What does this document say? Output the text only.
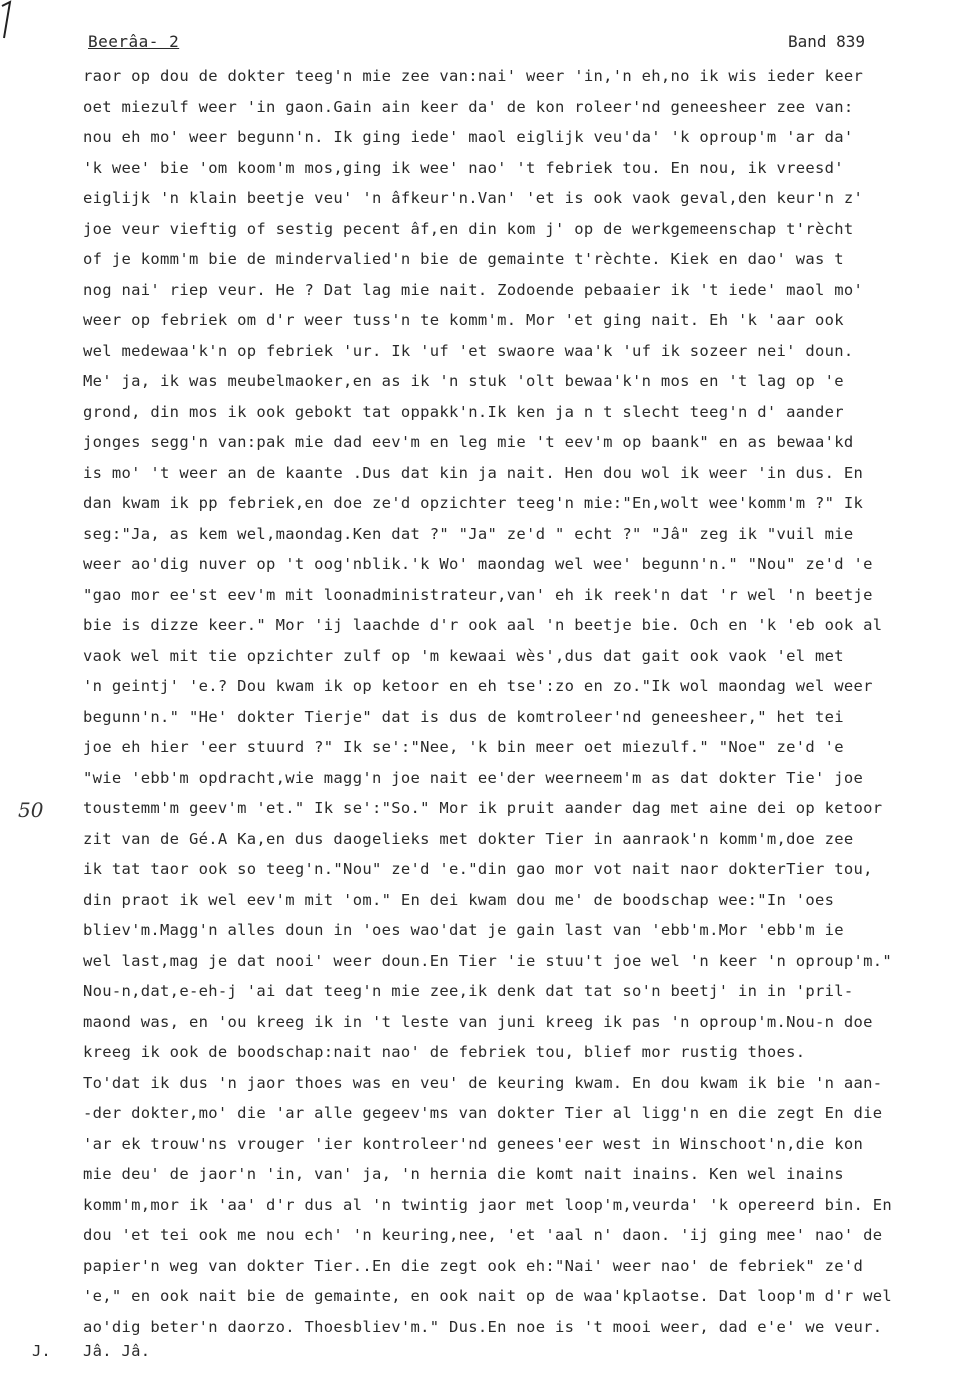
Beerâa- 2	Band 839
raor op dou de dokter teeg'n mie zee van:nai' weer 'in,'n eh,no ik wis ieder keer
oet miezulf weer 'in gaon.Gain ain keer da' de kon roleer'nd geneesheer zee van:
nou eh mo' weer begunn'n. Ik ging iede' maol eiglijk veu'da' 'k oproup'm 'ar da'
'k wee' bie 'om koom'm mos,ging ik wee' nao' 't febriek tou. En nou, ik vreesd'
eiglijk 'n klain beetje veu' 'n âfkeur'n.Van' 'et is ook vaok geval,den keur'n z'
joe veur vieftig of sestig pecent âf,en din kom j' op de werkgemeenschap t'rècht
of je komm'm bie de mindervalied'n bie de gemainte t'rèchte. Kiek en dao' was t
nog nai' riep veur. He ? Dat lag mie nait. Zodoende pebaaier ik 't iede' maol mo'
weer op febriek om d'r weer tuss'n te komm'm. Mor 'et ging nait. Eh 'k 'aar ook
wel medewaa'k'n op febriek 'ur. Ik 'uf 'et swaore waa'k 'uf ik sozeer nei' doun.
Me' ja, ik was meubelmaoker,en as ik 'n stuk 'olt bewaa'k'n mos en 't lag op 'e
grond, din mos ik ook gebokt tat oppakk'n.Ik ken ja n t slecht teeg'n d' aander
jonges segg'n van:pak mie dad eev'm en leg mie 't eev'm op baank" en as bewaa'kd
is mo' 't weer an de kaante .Dus dat kin ja nait. Hen dou wol ik weer 'in dus. En
dan kwam ik pp febriek,en doe ze'd opzichter teeg'n mie:"En,wolt wee'komm'm ?" Ik
seg:"Ja, as kem wel,maondag.Ken dat ?" "Ja" ze'd " echt ?" "Jâ" zeg ik "vuil mie
weer ao'dig nuver op 't oog'nblik.'k Wo' maondag wel wee' begunn'n." "Nou" ze'd 'e
"gao mor ee'st eev'm mit loonadministrateur,van' eh ik reek'n dat 'r wel 'n beetje
bie is dizze keer." Mor 'ij laachde d'r ook aal 'n beetje bie. Och en 'k 'eb ook al
vaok wel mit tie opzichter zulf op 'm kewaai wès',dus dat gait ook vaok 'el met
'n geintj' 'e.? Dou kwam ik op ketoor en eh tse':zo en zo."Ik wol maondag wel weer
begunn'n." "He' dokter Tierje" dat is dus de komtroleer'nd geneesheer," het tei
joe eh hier 'eer stuurd ?" Ik se':"Nee, 'k bin meer oet miezulf." "Noe" ze'd 'e
"wie 'ebb'm opdracht,wie magg'n joe nait ee'der weerneem'm as dat dokter Tie' joe
toustemm'm geev'm 'et." Ik se':"So." Mor ik pruit aander dag met aine dei op ketoor
zit van de Gé.A Ka,en dus daogelieks met dokter Tier in aanraok'n komm'm,doe zee
ik tat taor ook so teeg'n."Nou" ze'd 'e."din gao mor vot nait naor dokterTier tou,
din praot ik wel eev'm mit 'om." En dei kwam dou me' de boodschap wee:"In 'oes
bliev'm.Magg'n alles doun in 'oes wao'dat je gain last van 'ebb'm.Mor 'ebb'm ie
wel last,mag je dat nooi' weer doun.En Tier 'ie stuu't joe wel 'n keer 'n oproup'm."
Nou-n,dat,e-eh-j 'ai dat teeg'n mie zee,ik denk dat tat so'n beetj' in in 'pril-
maond was, en 'ou kreeg ik in 't leste van juni kreeg ik pas 'n oproup'm.Nou-n doe
kreeg ik ook de boodschap:nait nao' de febriek tou, blief mor rustig thoes.
To'dat ik dus 'n jaor thoes was en veu' de keuring kwam. En dou kwam ik bie 'n aan-
-der dokter,mo' die 'ar alle gegeev'ms van dokter Tier al ligg'n en die zegt En die
'ar ek trouw'ns vrouger 'ier kontroleer'nd genees'eer west in Winschoot'n,die kon
mie deu' de jaor'n 'in, van' ja, 'n hernia die komt nait inains. Ken wel inains
komm'm,mor ik 'aa' d'r dus al 'n twintig jaor met loop'm,veurda' 'k opereerd bin. En
dou 'et tei ook me nou ech' 'n keuring,nee, 'et 'aal n' daon. 'ij ging mee' nao' de
papier'n weg van dokter Tier..En die zegt ook eh:"Nai' weer nao' de febriek" ze'd
'e," en ook nait bie de gemainte, en ook nait op de waa'kplaotse. Dat loop'm d'r wel
ao'dig beter'n daorzo. Thoesbliev'm." Dus.En noe is 't mooi weer, dad e'e' we veur.
50
J. Jâ. Jâ.
